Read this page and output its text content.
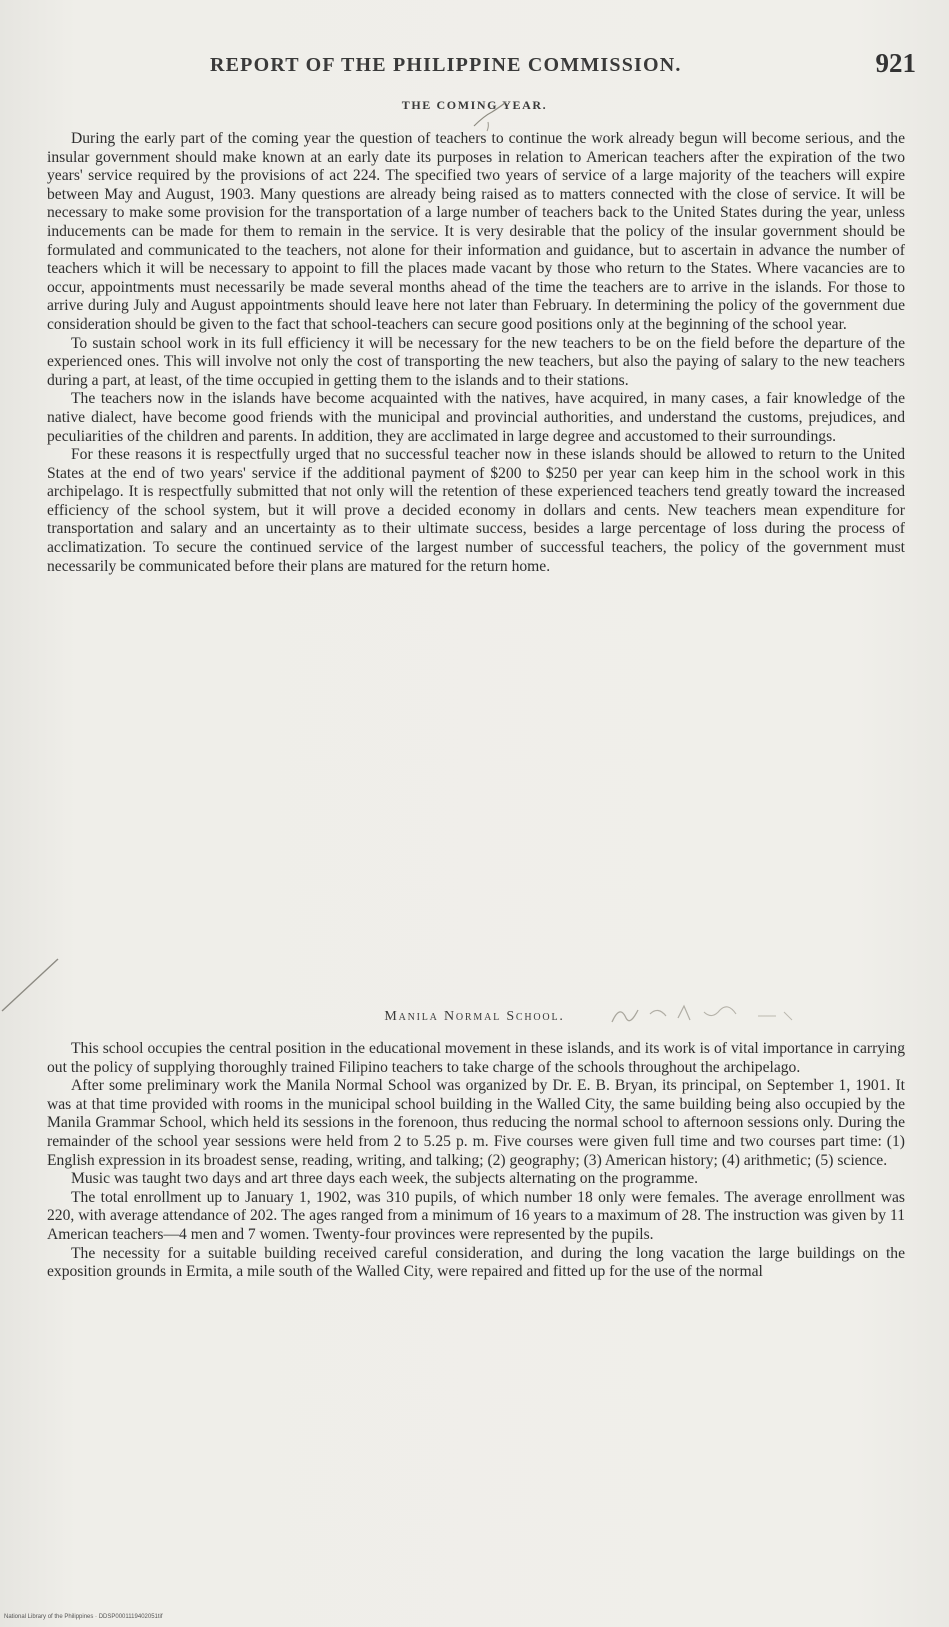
REPORT OF THE PHILIPPINE COMMISSION.	921
THE COMING YEAR.

During the early part of the coming year the question of teachers to continue the work already begun will become serious, and the insular government should make known at an early date its purposes in relation to American teachers after the expiration of the two years' service required by the provisions of act 224. The specified two years of service of a large majority of the teachers will expire between May and August, 1903. Many questions are already being raised as to matters connected with the close of service. It will be necessary to make some provision for the transportation of a large number of teachers back to the United States during the year, unless inducements can be made for them to remain in the service. It is very desirable that the policy of the insular government should be formulated and communicated to the teachers, not alone for their information and guidance, but to ascertain in advance the number of teachers which it will be necessary to appoint to fill the places made vacant by those who return to the States. Where vacancies are to occur, appointments must necessarily be made several months ahead of the time the teachers are to arrive in the islands. For those to arrive during July and August appointments should leave here not later than February. In determining the policy of the government due consideration should be given to the fact that school-teachers can secure good positions only at the beginning of the school year.

To sustain school work in its full efficiency it will be necessary for the new teachers to be on the field before the departure of the experienced ones. This will involve not only the cost of transporting the new teachers, but also the paying of salary to the new teachers during a part, at least, of the time occupied in getting them to the islands and to their stations.

The teachers now in the islands have become acquainted with the natives, have acquired, in many cases, a fair knowledge of the native dialect, have become good friends with the municipal and provincial authorities, and understand the customs, prejudices, and peculiarities of the children and parents. In addition, they are acclimated in large degree and accustomed to their surroundings.

For these reasons it is respectfully urged that no successful teacher now in these islands should be allowed to return to the United States at the end of two years' service if the additional payment of $200 to $250 per year can keep him in the school work in this archipelago. It is respectfully submitted that not only will the retention of these experienced teachers tend greatly toward the increased efficiency of the school system, but it will prove a decided economy in dollars and cents. New teachers mean expenditure for transportation and salary and an uncertainty as to their ultimate success, besides a large percentage of loss during the process of acclimatization. To secure the continued service of the largest number of successful teachers, the policy of the government must necessarily be communicated before their plans are matured for the return home.

Manila Normal School.

This school occupies the central position in the educational movement in these islands, and its work is of vital importance in carrying out the policy of supplying thoroughly trained Filipino teachers to take charge of the schools throughout the archipelago.

After some preliminary work the Manila Normal School was organized by Dr. E. B. Bryan, its principal, on September 1, 1901. It was at that time provided with rooms in the municipal school building in the Walled City, the same building being also occupied by the Manila Grammar School, which held its sessions in the forenoon, thus reducing the normal school to afternoon sessions only. During the remainder of the school year sessions were held from 2 to 5.25 p. m. Five courses were given full time and two courses part time: (1) English expression in its broadest sense, reading, writing, and talking; (2) geography; (3) American history; (4) arithmetic; (5) science.

Music was taught two days and art three days each week, the subjects alternating on the programme.

The total enrollment up to January 1, 1902, was 310 pupils, of which number 18 only were females. The average enrollment was 220, with average attendance of 202. The ages ranged from a minimum of 16 years to a maximum of 28. The instruction was given by 11 American teachers—4 men and 7 women. Twenty-four provinces were represented by the pupils.

The necessity for a suitable building received careful consideration, and during the long vacation the large buildings on the exposition grounds in Ermita, a mile south of the Walled City, were repaired and fitted up for the use of the normal

National Library of the Philippines · DDSP0001119402051tif
